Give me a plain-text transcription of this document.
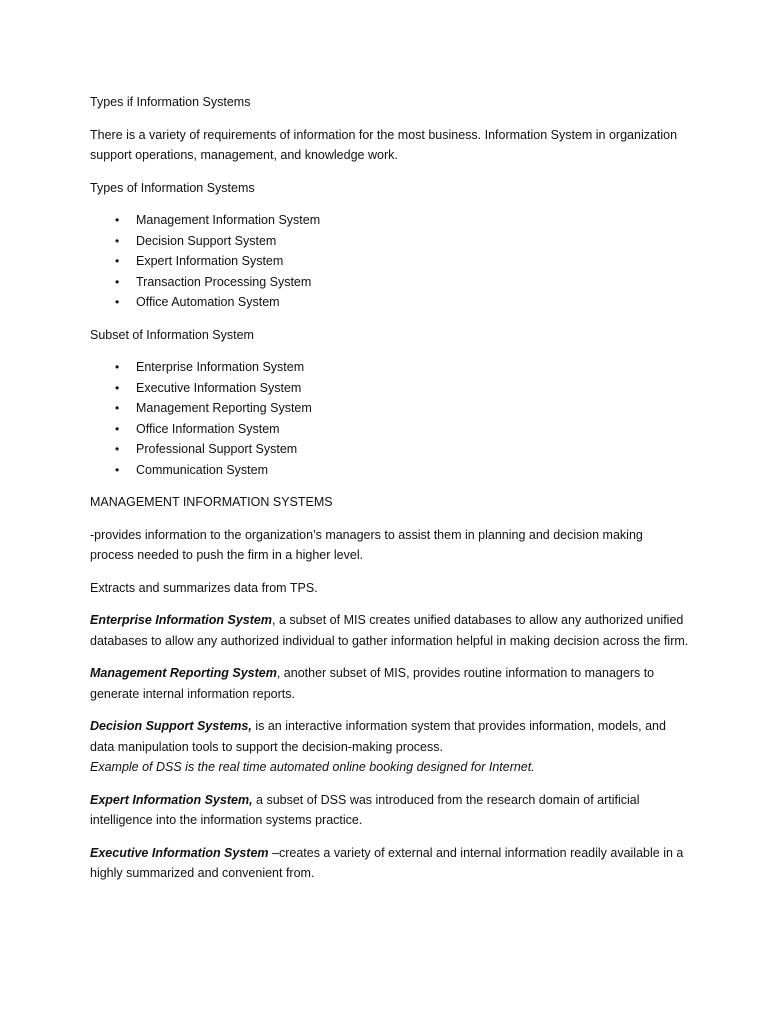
Types if Information Systems

There is a variety of requirements of information for the most business. Information System in organization support operations, management, and knowledge work.

Types of Information Systems

• Management Information System
• Decision Support System
• Expert Information System
• Transaction Processing System
• Office Automation System

Subset of Information System

• Enterprise Information System
• Executive Information System
• Management Reporting System
• Office Information System
• Professional Support System
• Communication System

MANAGEMENT INFORMATION SYSTEMS

-provides information to the organization’s managers to assist them in planning and decision making process needed to push the firm in a higher level.

Extracts and summarizes data from TPS.

Enterprise Information System, a subset of MIS creates unified databases to allow any authorized unified databases to allow any authorized individual to gather information helpful in making decision across the firm.

Management Reporting System, another subset of MIS, provides routine information to managers to generate internal information reports.

Decision Support Systems, is an interactive information system that provides information, models, and data manipulation tools to support the decision-making process.

Example of DSS is the real time automated online booking designed for Internet.

Expert Information System, a subset of DSS was introduced from the research domain of artificial intelligence into the information systems practice.

Executive Information System –creates a variety of external and internal information readily available in a highly summarized and convenient from.
